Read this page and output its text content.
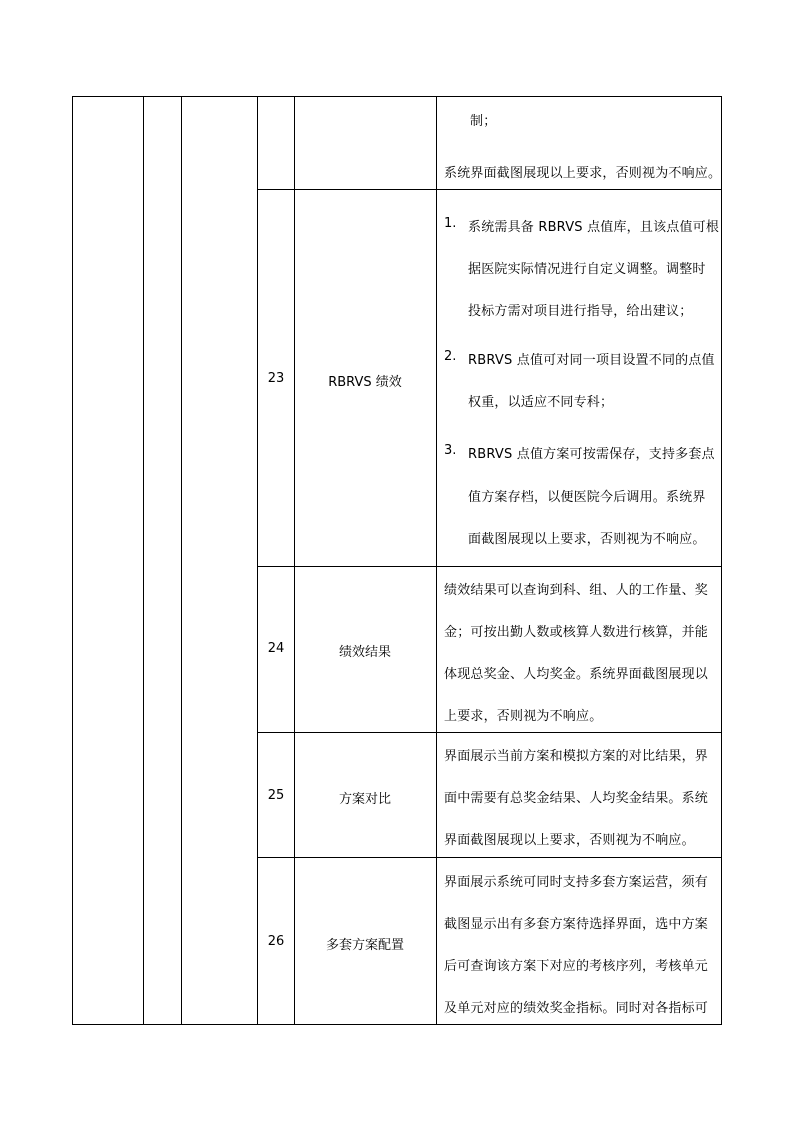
制；
系统界面截图展现以上要求，否则视为不响应。
23	RBRVS 绩效
1. 系统需具备 RBRVS 点值库，且该点值可根
据医院实际情况进行自定义调整。调整时
投标方需对项目进行指导，给出建议；
2. RBRVS 点值可对同一项目设置不同的点值
权重，以适应不同专科；
3. RBRVS 点值方案可按需保存，支持多套点
值方案存档，以便医院今后调用。系统界
面截图展现以上要求，否则视为不响应。
24	绩效结果
绩效结果可以查询到科、组、人的工作量、奖
金；可按出勤人数或核算人数进行核算，并能
体现总奖金、人均奖金。系统界面截图展现以
上要求，否则视为不响应。
25	方案对比
界面展示当前方案和模拟方案的对比结果，界
面中需要有总奖金结果、人均奖金结果。系统
界面截图展现以上要求，否则视为不响应。
26	多套方案配置
界面展示系统可同时支持多套方案运营，须有
截图显示出有多套方案待选择界面，选中方案
后可查询该方案下对应的考核序列，考核单元
及单元对应的绩效奖金指标。同时对各指标可
